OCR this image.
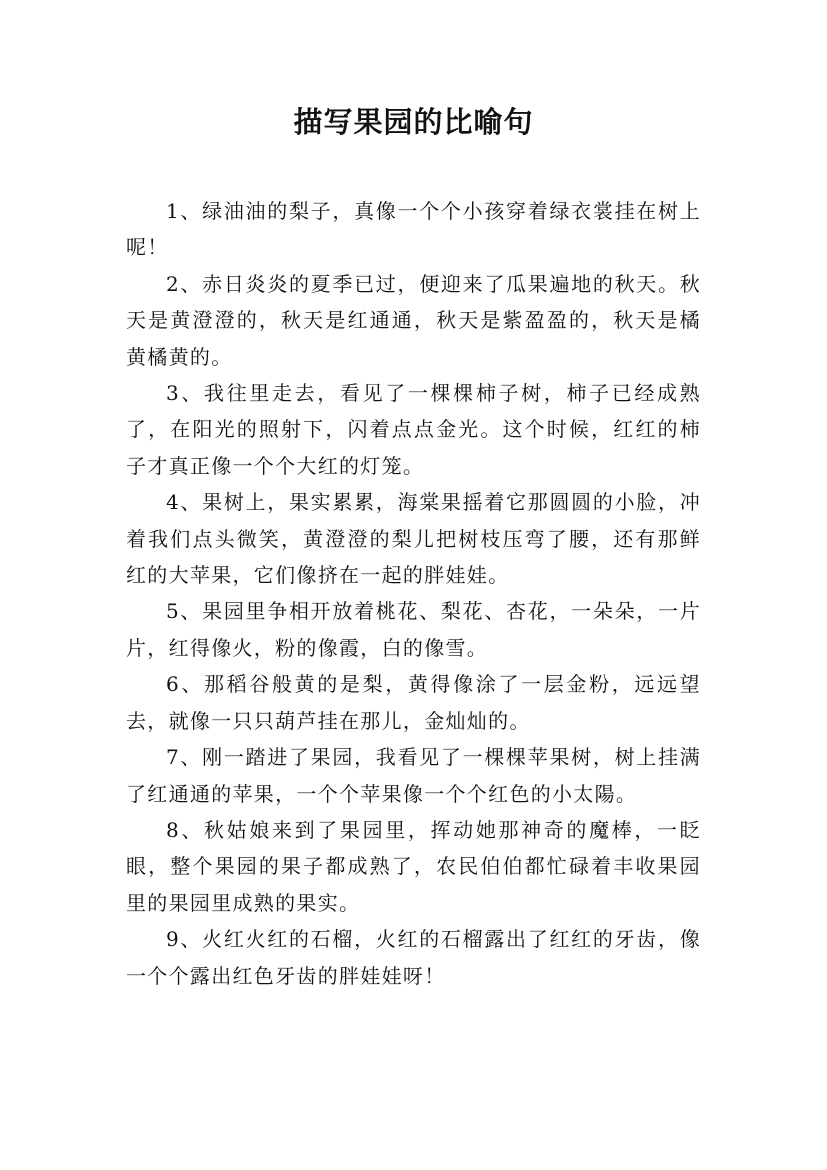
描写果园的比喻句

1、绿油油的梨子，真像一个个小孩穿着绿衣裳挂在树上呢！

2、赤日炎炎的夏季已过，便迎来了瓜果遍地的秋天。秋天是黄澄澄的，秋天是红通通，秋天是紫盈盈的，秋天是橘黄橘黄的。

3、我往里走去，看见了一棵棵柿子树，柿子已经成熟了，在阳光的照射下，闪着点点金光。这个时候，红红的柿子才真正像一个个大红的灯笼。

4、果树上，果实累累，海棠果摇着它那圆圆的小脸，冲着我们点头微笑，黄澄澄的梨儿把树枝压弯了腰，还有那鲜红的大苹果，它们像挤在一起的胖娃娃。

5、果园里争相开放着桃花、梨花、杏花，一朵朵，一片片，红得像火，粉的像霞，白的像雪。

6、那稻谷般黄的是梨，黄得像涂了一层金粉，远远望去，就像一只只葫芦挂在那儿，金灿灿的。

7、刚一踏进了果园，我看见了一棵棵苹果树，树上挂满了红通通的苹果，一个个苹果像一个个红色的小太陽。

8、秋姑娘来到了果园里，挥动她那神奇的魔棒，一眨眼，整个果园的果子都成熟了，农民伯伯都忙碌着丰收果园里的果园里成熟的果实。

9、火红火红的石榴，火红的石榴露出了红红的牙齿，像一个个露出红色牙齿的胖娃娃呀！
